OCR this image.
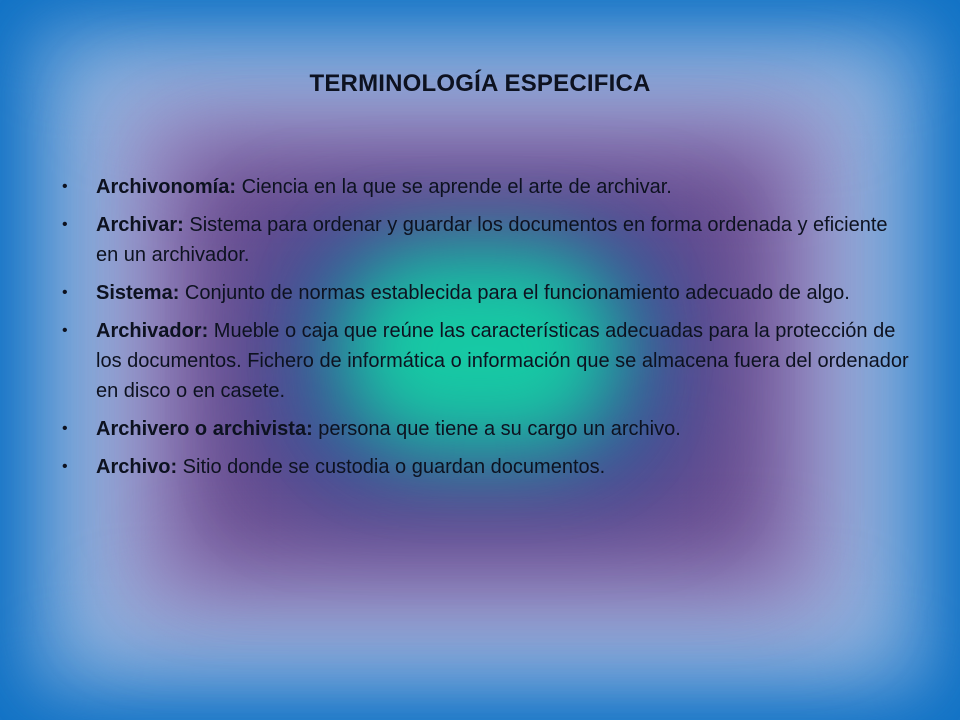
TERMINOLOGÍA ESPECIFICA
• Archivonomía: Ciencia en la que se aprende el arte de archivar.
• Archivar: Sistema para ordenar y guardar los documentos en forma ordenada y eficiente en un archivador.
• Sistema: Conjunto de normas establecida para el funcionamiento adecuado de algo.
• Archivador: Mueble o caja que reúne las características adecuadas para la protección de los documentos. Fichero de informática o información que se almacena fuera del ordenador en disco o en casete.
• Archivero o archivista: persona que tiene a su cargo un archivo.
• Archivo: Sitio donde se custodia o guardan documentos.
